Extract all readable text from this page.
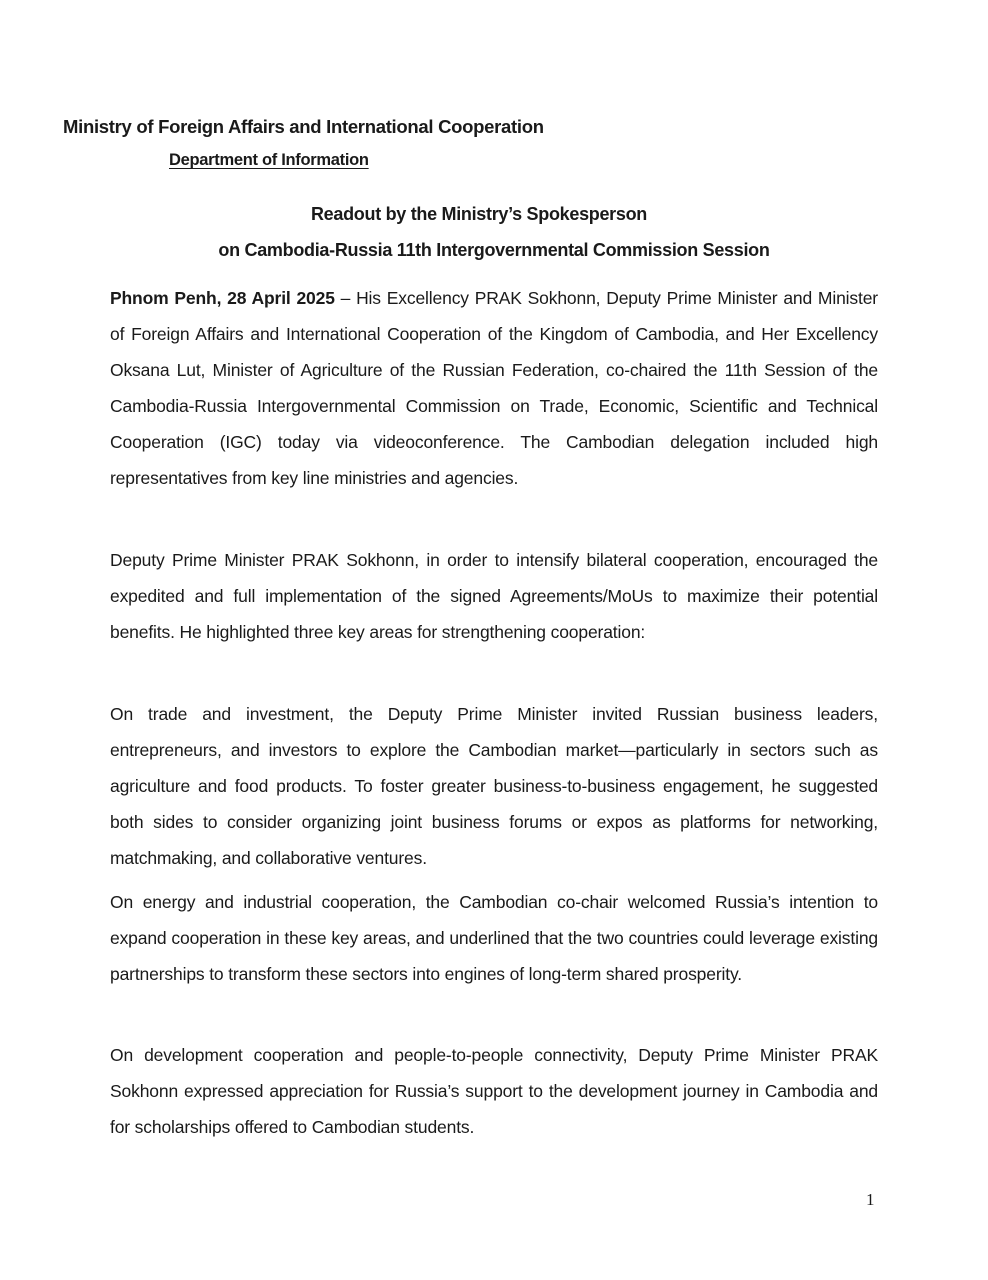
Ministry of Foreign Affairs and International Cooperation
Department of Information
Readout by the Ministry’s Spokesperson
on Cambodia-Russia 11th Intergovernmental Commission Session
Phnom Penh, 28 April 2025 – His Excellency PRAK Sokhonn, Deputy Prime Minister and Minister of Foreign Affairs and International Cooperation of the Kingdom of Cambodia, and Her Excellency Oksana Lut, Minister of Agriculture of the Russian Federation, co-chaired the 11th Session of the Cambodia-Russia Intergovernmental Commission on Trade, Economic, Scientific and Technical Cooperation (IGC) today via videoconference. The Cambodian delegation included high representatives from key line ministries and agencies.
Deputy Prime Minister PRAK Sokhonn, in order to intensify bilateral cooperation, encouraged the expedited and full implementation of the signed Agreements/MoUs to maximize their potential benefits. He highlighted three key areas for strengthening cooperation:
On trade and investment, the Deputy Prime Minister invited Russian business leaders, entrepreneurs, and investors to explore the Cambodian market—particularly in sectors such as agriculture and food products. To foster greater business-to-business engagement, he suggested both sides to consider organizing joint business forums or expos as platforms for networking, matchmaking, and collaborative ventures.
On energy and industrial cooperation, the Cambodian co-chair welcomed Russia’s intention to expand cooperation in these key areas, and underlined that the two countries could leverage existing partnerships to transform these sectors into engines of long-term shared prosperity.
On development cooperation and people-to-people connectivity, Deputy Prime Minister PRAK Sokhonn expressed appreciation for Russia’s support to the development journey in Cambodia and for scholarships offered to Cambodian students.
1
